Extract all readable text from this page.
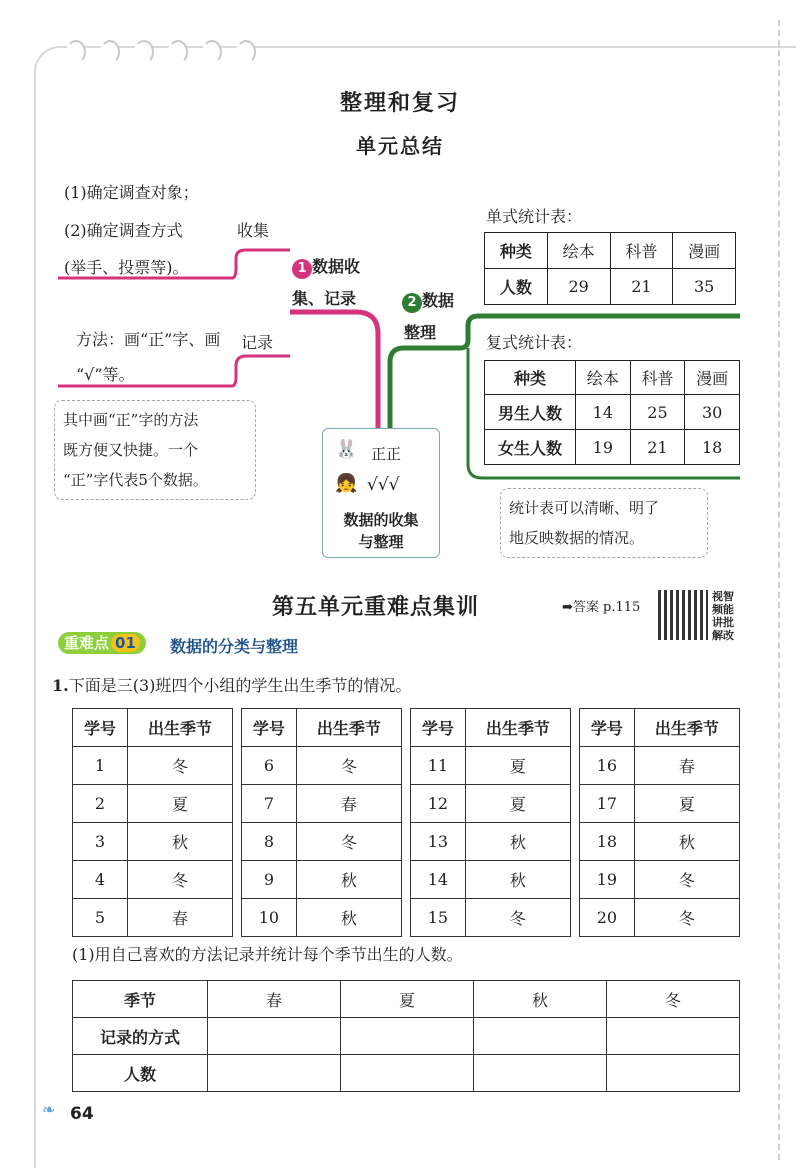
整理和复习
单元总结
(1)确定调查对象；
(2)确定调查方式
(举手、投票等)。
收集
方法：画“正”字、画
“√”等。
记录
其中画“正”字的方法
既方便又快捷。一个
“正”字代表5个数据。
1 数据收
集、记录	2 数据
整理
🐰 正正
👧 √√√
数据的收集
与整理
单式统计表：
种类	绘本	科普	漫画
人数	29	21	35
复式统计表：
种类	绘本	科普	漫画
男生人数	14	25	30
女生人数	19	21	18
统计表可以清晰、明了
地反映数据的情况。
第五单元重难点集训	➡答案 p.115
视智
频能
讲批
解改
重难点 01	数据的分类与整理
1.下面是三(3)班四个小组的学生出生季节的情况。
学号	出生季节		学号	出生季节		学号	出生季节		学号	出生季节
1	冬		6	冬		11	夏		16	春
2	夏		7	春		12	夏		17	夏
3	秋		8	冬		13	秋		18	秋
4	冬		9	秋		14	秋		19	冬
5	春		10	秋		15	冬		20	冬
(1)用自己喜欢的方法记录并统计每个季节出生的人数。
季节	春	夏	秋	冬
记录的方式				
人数				
❧ 64
